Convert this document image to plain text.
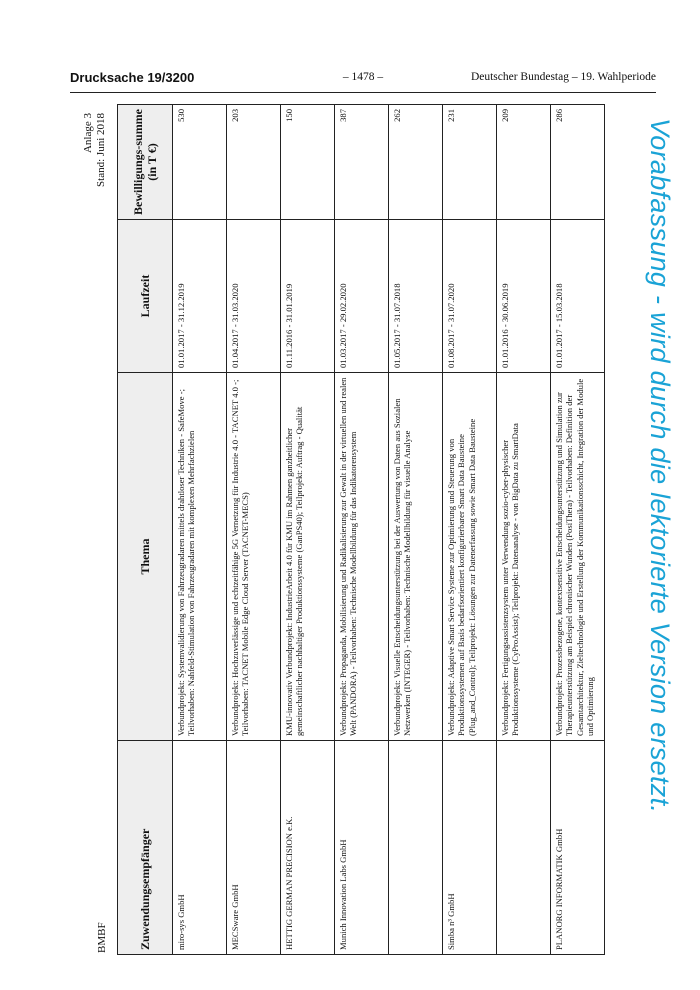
Drucksache 19/3200	– 1478 –	Deutscher Bundestag – 19. Wahlperiode
BMBF
Anlage 3 Stand: Juni 2018
Zuwendungsempfänger	Thema	Laufzeit	Bewilligungs-summe (in T €)
miro-sys GmbH	Verbundprojekt: Systemvalidierung von Fahrzeugradaren mittels drahtloser Techniken - SafeMove -; Teilvorhaben: Nahfeld-Stimulation von Fahrzeugradaren mit komplexen Mehrfachzielen	01.01.2017 - 31.12.2019	530
MECSware GmbH	Verbundprojekt: Hochzuverlässige und echtzeitfähige 5G Vernetzung für Industrie 4.0 - TACNET 4.0 -; Teilvorhaben: TACNET Mobile Edge Cloud Server (TACNET-MECS)	01.04.2017 - 31.03.2020	203
HETTIG GERMAN PRECISION e.K.	KMU-innovativ Verbundprojekt: IndustrieArbeit 4.0 für KMU im Rahmen ganzheitlicher gemeinschaftlicher nachhaltiger Produktionssysteme (GanPS40); Teilprojekt: Auftrag - Qualität	01.11.2016 - 31.01.2019	150
Munich Innovation Labs GmbH	Verbundprojekt: Propaganda, Mobilisierung und Radikalisierung zur Gewalt in der virtuellen und realen Welt (PANDORA) - Teilvorhaben: Technische Modellbildung für das Indikatorensystem	01.03.2017 - 29.02.2020	387
	Verbundprojekt: Visuelle Entscheidungsunterstützung bei der Auswertung von Daten aus Sozialen Netzwerken (INTEGER) - Teilvorhaben: Technische Modellbildung für visuelle Analyse	01.05.2017 - 31.07.2018	262
Simba n³ GmbH	Verbundprojekt: Adaptive Smart Service Systeme zur Optimierung und Steuerung von Produktionssystemen auf Basis bedarfsorientiert konfigurierbarer Smart Data Bausteine (Plug_and_Control); Teilprojekt: Lösungen zur Datenerfassung sowie Smart Data Bausteine	01.08.2017 - 31.07.2020	231
	Verbundprojekt: Fertigungsassistenzsystem unter Verwendung sozio-cyber-physischer Produktionssysteme (CyProAssist); Teilprojekt: Datenanalyse - von BigData zu SmartData	01.01.2016 - 30.06.2019	209
PLANORG INFORMATIK GmbH	Verbundprojekt: Prozessbezogene, kontextsensitive Entscheidungsunterstützung und Simulation zur Therapieunterstützung am Beispiel chronischer Wunden (PosiThera) - Teilvorhaben: Definition der Gesamtarchitektur, Zieltechnologie und Erstellung der Kommunikationsschicht, Integration der Module und Optimierung	01.01.2017 - 15.03.2018	286
Vorabfassung - wird durch die lektorierte Version ersetzt.
